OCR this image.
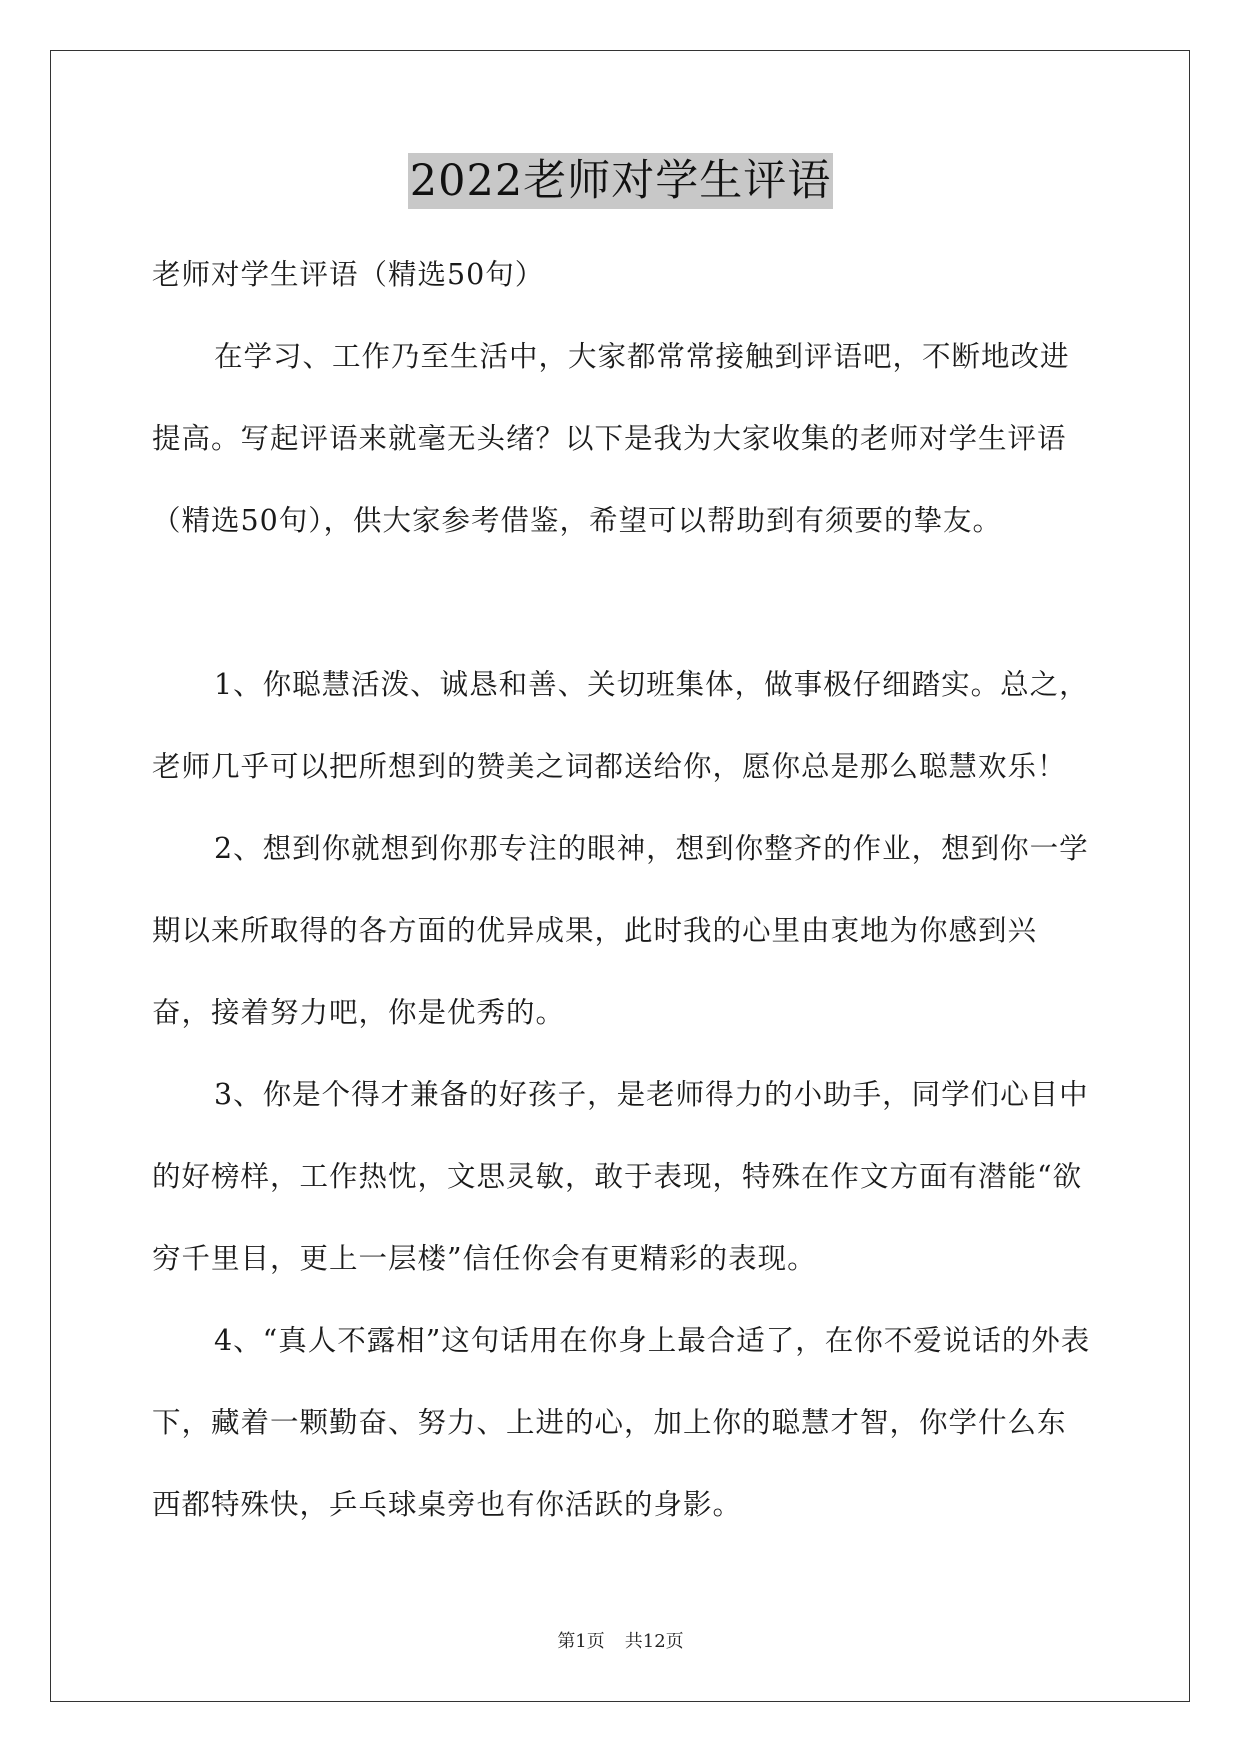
2022老师对学生评语

老师对学生评语（精选50句）

在学习、工作乃至生活中，大家都常常接触到评语吧，不断地改进提高。写起评语来就毫无头绪？以下是我为大家收集的老师对学生评语（精选50句），供大家参考借鉴，希望可以帮助到有须要的挚友。

1、你聪慧活泼、诚恳和善、关切班集体，做事极仔细踏实。总之，老师几乎可以把所想到的赞美之词都送给你，愿你总是那么聪慧欢乐！

2、想到你就想到你那专注的眼神，想到你整齐的作业，想到你一学期以来所取得的各方面的优异成果，此时我的心里由衷地为你感到兴奋，接着努力吧，你是优秀的。

3、你是个得才兼备的好孩子，是老师得力的小助手，同学们心目中的好榜样，工作热忱，文思灵敏，敢于表现，特殊在作文方面有潜能“欲穷千里目，更上一层楼”信任你会有更精彩的表现。

4、“真人不露相”这句话用在你身上最合适了，在你不爱说话的外表下，藏着一颗勤奋、努力、上进的心，加上你的聪慧才智，你学什么东西都特殊快，乒乓球桌旁也有你活跃的身影。

第1页 共12页
